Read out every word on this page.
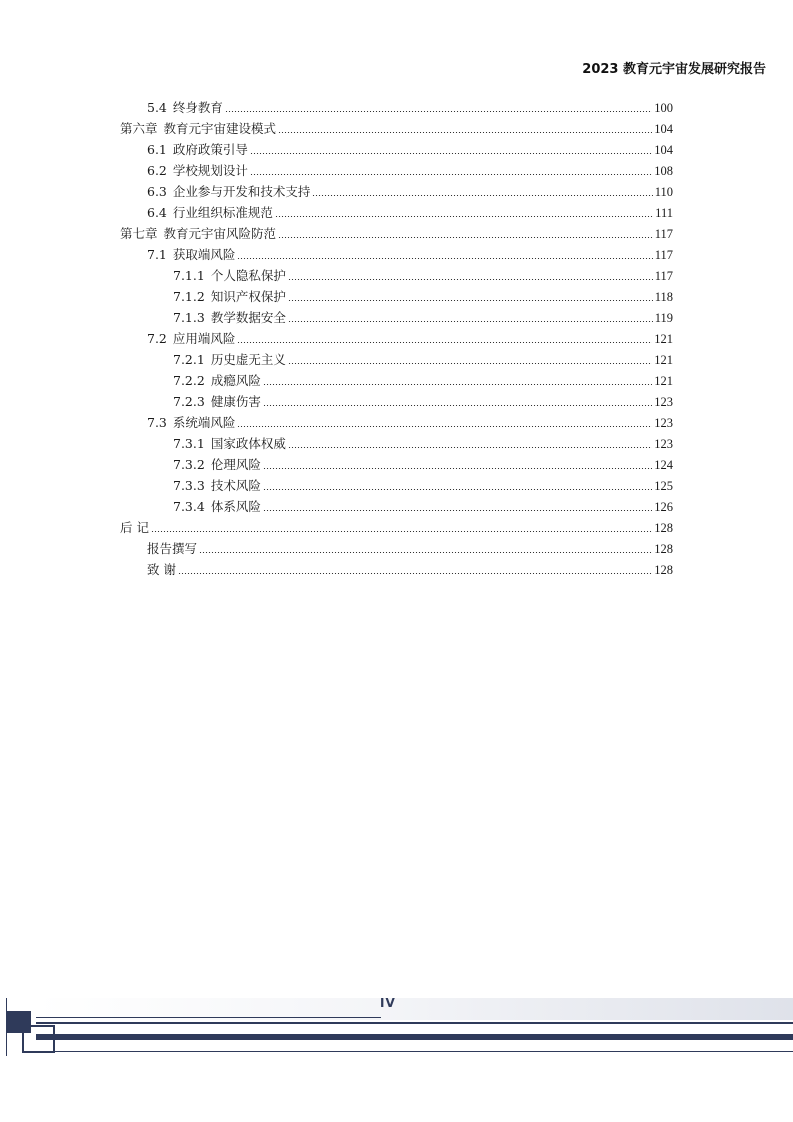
2023 教育元宇宙发展研究报告
5.4 终身教育	100
第六章 教育元宇宙建设模式	104
6.1 政府政策引导	104
6.2 学校规划设计	108
6.3 企业参与开发和技术支持	110
6.4 行业组织标准规范	111
第七章 教育元宇宙风险防范	117
7.1 获取端风险	117
7.1.1 个人隐私保护	117
7.1.2 知识产权保护	118
7.1.3 教学数据安全	119
7.2 应用端风险	121
7.2.1 历史虚无主义	121
7.2.2 成瘾风险	121
7.2.3 健康伤害	123
7.3 系统端风险	123
7.3.1 国家政体权威	123
7.3.2 伦理风险	124
7.3.3 技术风险	125
7.3.4 体系风险	126
后 记	128
报告撰写	128
致 谢	128
IV
